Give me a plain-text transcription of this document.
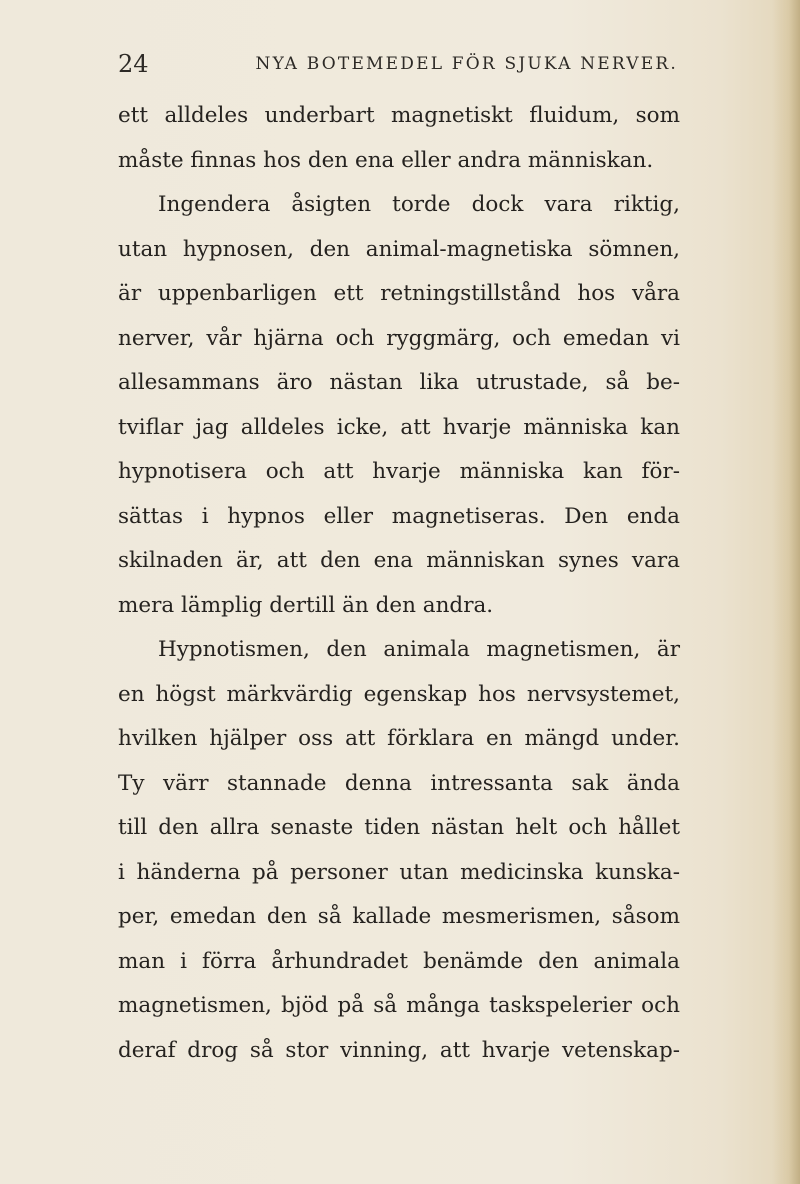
24	NYA BOTEMEDEL FÖR SJUKA NERVER.
ett alldeles underbart magnetiskt fluidum, som
måste finnas hos den ena eller andra människan.
Ingendera åsigten torde dock vara riktig,
utan hypnosen, den animal-magnetiska sömnen,
är uppenbarligen ett retningstillstånd hos våra
nerver, vår hjärna och ryggmärg, och emedan vi
allesammans äro nästan lika utrustade, så be-
tviflar jag alldeles icke, att hvarje människa kan
hypnotisera och att hvarje människa kan för-
sättas i hypnos eller magnetiseras. Den enda
skilnaden är, att den ena människan synes vara
mera lämplig dertill än den andra.
Hypnotismen, den animala magnetismen, är
en högst märkvärdig egenskap hos nervsystemet,
hvilken hjälper oss att förklara en mängd under.
Ty värr stannade denna intressanta sak ända
till den allra senaste tiden nästan helt och hållet
i händerna på personer utan medicinska kunska-
per, emedan den så kallade mesmerismen, såsom
man i förra århundradet benämde den animala
magnetismen, bjöd på så många taskspelerier och
deraf drog så stor vinning, att hvarje vetenskap-
